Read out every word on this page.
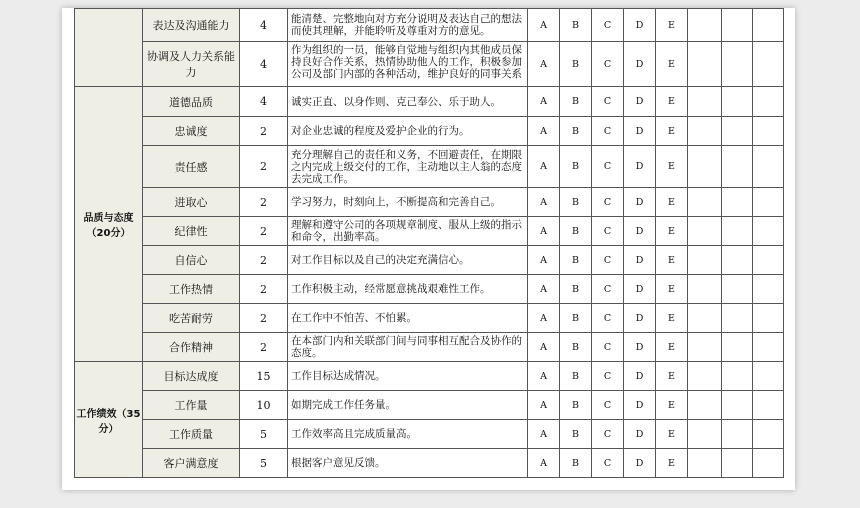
	表达及沟通能力	4	能清楚、完整地向对方充分说明及表达自己的想法而使其理解，并能聆听及尊重对方的意见。	A	B	C	D	E			
	协调及人力关系能力	4	作为组织的一员，能够自觉地与组织内其他成员保持良好合作关系，热情协助他人的工作，积极参加公司及部门内部的各种活动，维护良好的同事关系	A	B	C	D	E			
品质与态度（20分）	道德品质	4	诚实正直、以身作则、克己奉公、乐于助人。	A	B	C	D	E			
	忠诚度	2	对企业忠诚的程度及爱护企业的行为。	A	B	C	D	E			
	责任感	2	充分理解自己的责任和义务，不回避责任，在期限之内完成上级交付的工作，主动地以主人翁的态度去完成工作。	A	B	C	D	E			
	进取心	2	学习努力，时刻向上，不断提高和完善自己。	A	B	C	D	E			
	纪律性	2	理解和遵守公司的各项规章制度、服从上级的指示和命令，出勤率高。	A	B	C	D	E			
	自信心	2	对工作目标以及自己的决定充满信心。	A	B	C	D	E			
	工作热情	2	工作积极主动，经常愿意挑战艰难性工作。	A	B	C	D	E			
	吃苦耐劳	2	在工作中不怕苦、不怕累。	A	B	C	D	E			
	合作精神	2	在本部门内和关联部门间与同事相互配合及协作的态度。	A	B	C	D	E			
工作绩效（35分）	目标达成度	15	工作目标达成情况。	A	B	C	D	E			
	工作量	10	如期完成工作任务量。	A	B	C	D	E			
	工作质量	5	工作效率高且完成质量高。	A	B	C	D	E			
	客户满意度	5	根据客户意见反馈。	A	B	C	D	E			
